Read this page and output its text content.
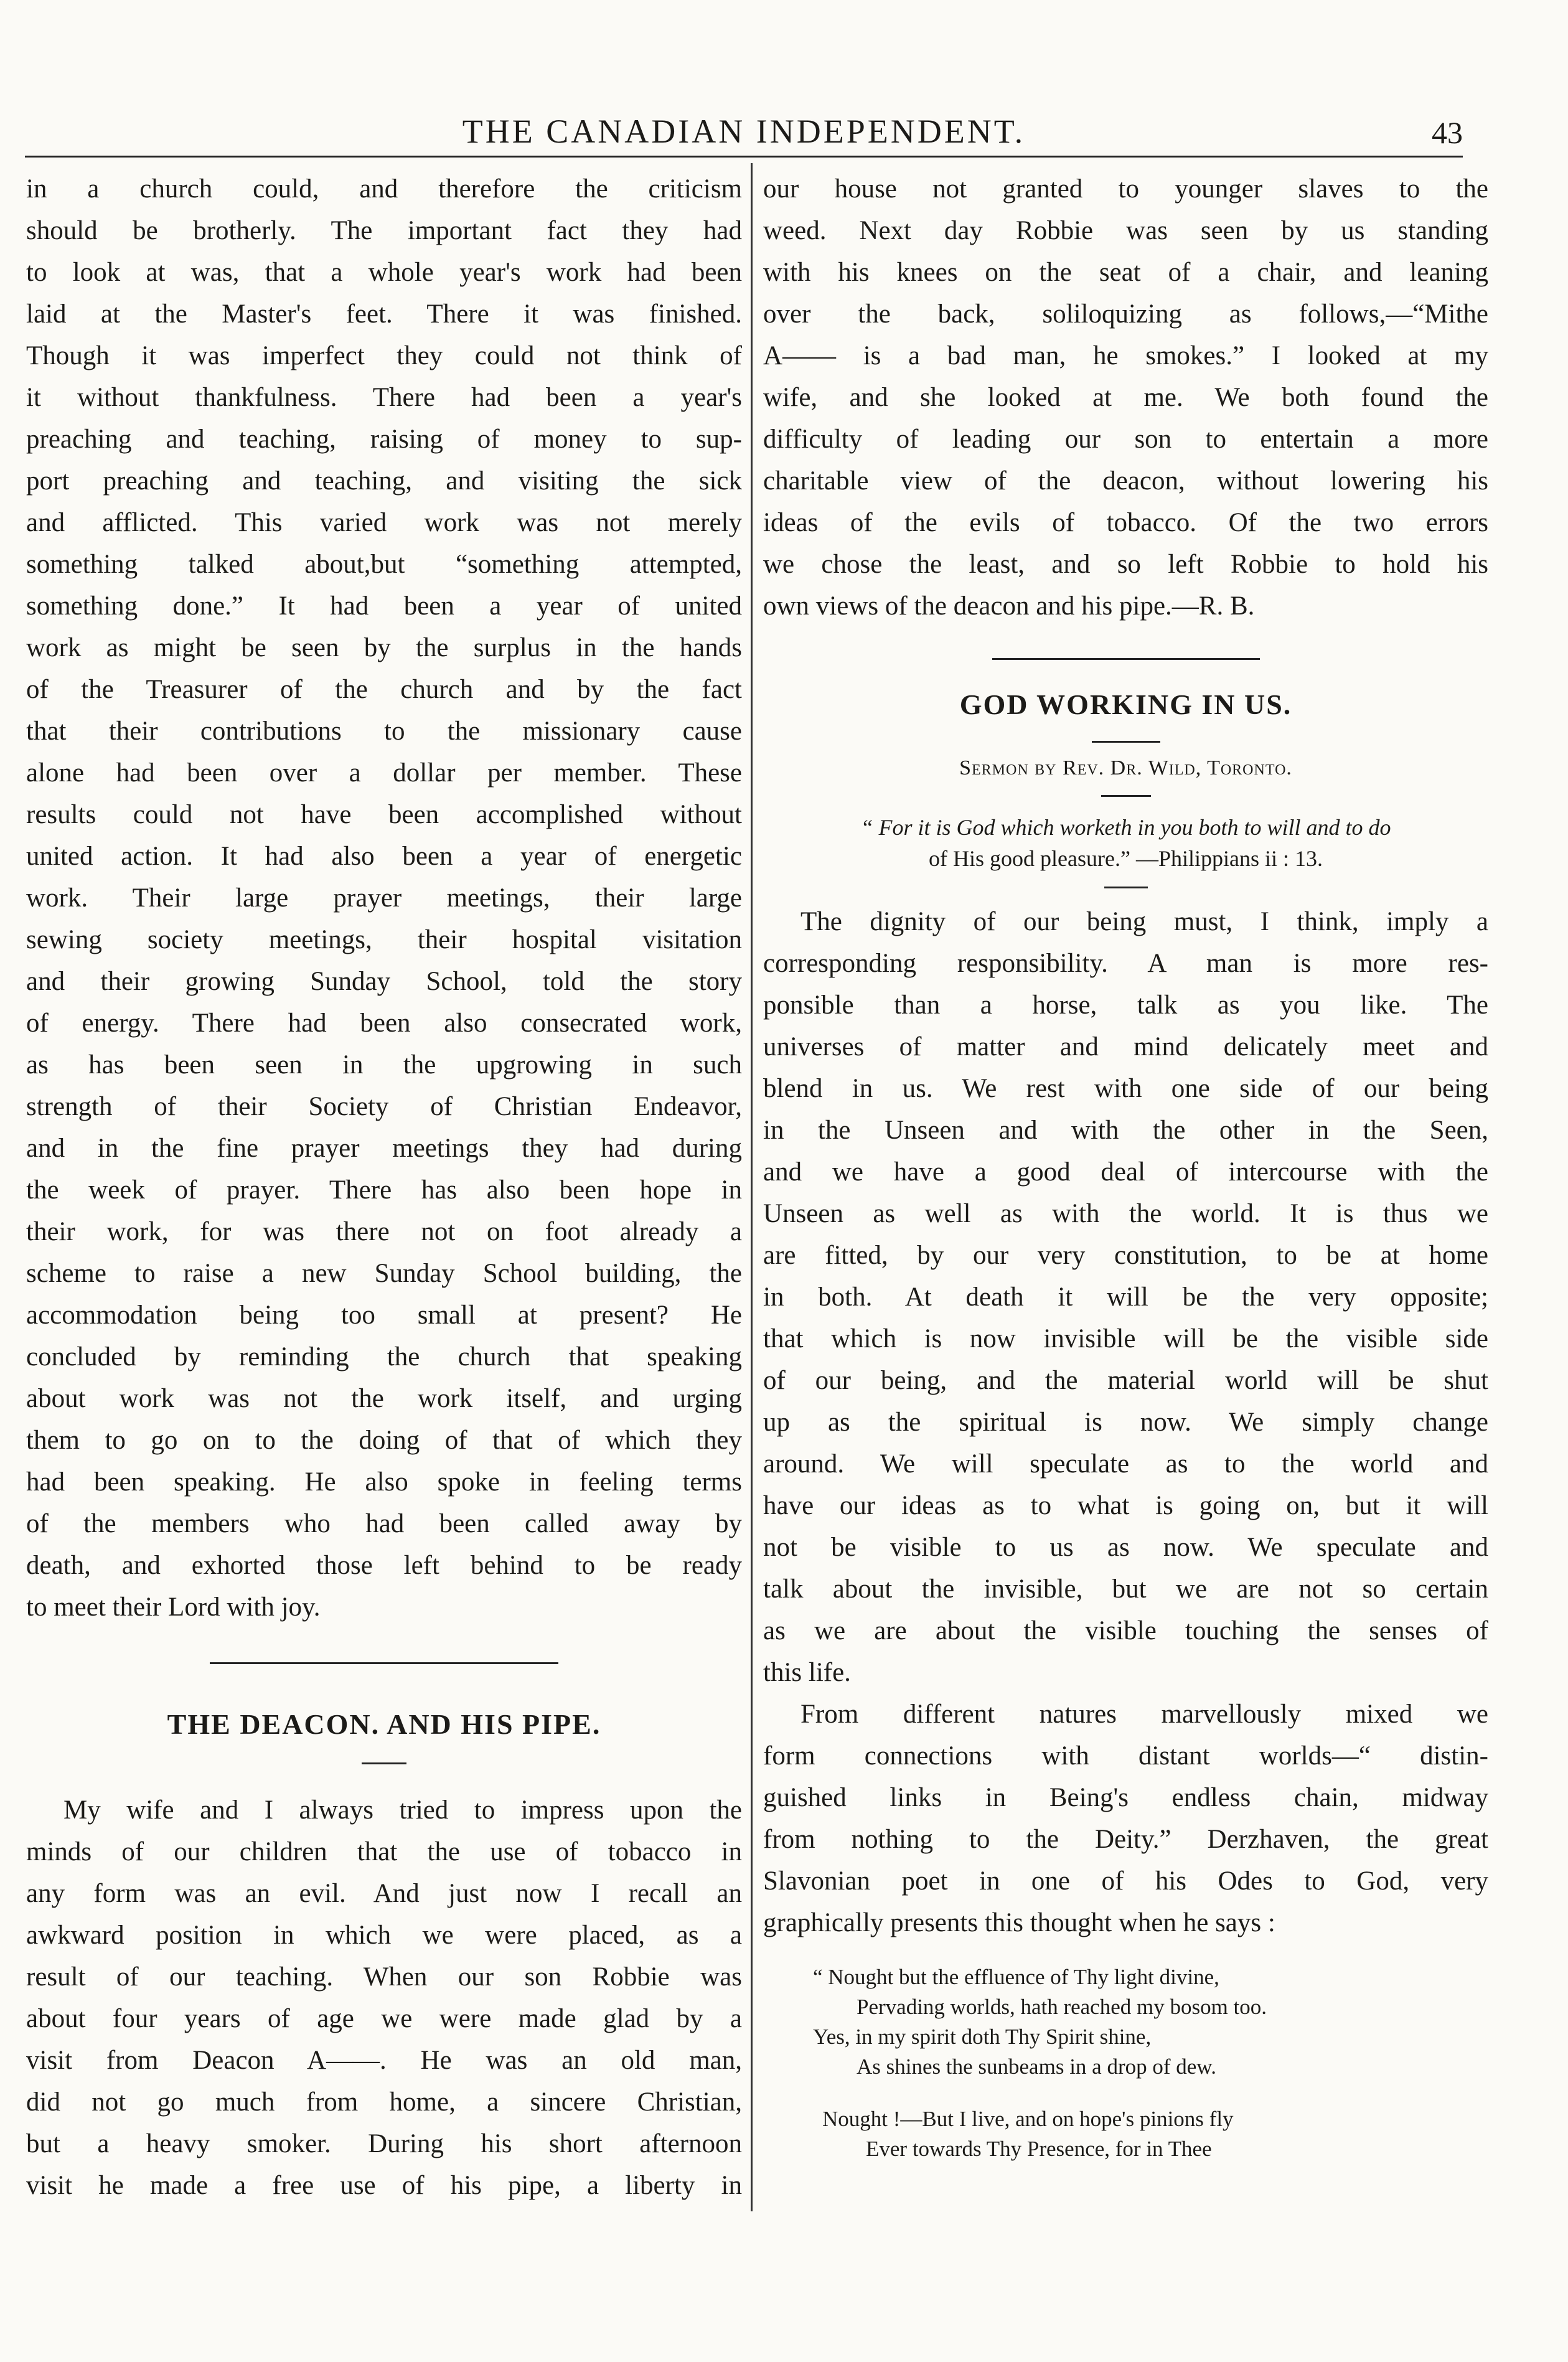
THE CANADIAN INDEPENDENT.	43

in a church could, and therefore the criticism

should be brotherly. The important fact they had

to look at was, that a whole year's work had been

laid at the Master's feet. There it was finished.

Though it was imperfect they could not think of

it without thankfulness. There had been a year's

preaching and teaching, raising of money to sup-

port preaching and teaching, and visiting the sick

and afflicted. This varied work was not merely

something talked about,but “something attempted,

something done.” It had been a year of united

work as might be seen by the surplus in the hands

of the Treasurer of the church and by the fact

that their contributions to the missionary cause

alone had been over a dollar per member. These

results could not have been accomplished without

united action. It had also been a year of energetic

work. Their large prayer meetings, their large

sewing society meetings, their hospital visitation

and their growing Sunday School, told the story

of energy. There had been also consecrated work,

as has been seen in the upgrowing in such

strength of their Society of Christian Endeavor,

and in the fine prayer meetings they had during

the week of prayer. There has also been hope in

their work, for was there not on foot already a

scheme to raise a new Sunday School building, the

accommodation being too small at present? He

concluded by reminding the church that speaking

about work was not the work itself, and urging

them to go on to the doing of that of which they

had been speaking. He also spoke in feeling terms

of the members who had been called away by

death, and exhorted those left behind to be ready

to meet their Lord with joy.

THE DEACON. AND HIS PIPE.

My wife and I always tried to impress upon the

minds of our children that the use of tobacco in

any form was an evil. And just now I recall an

awkward position in which we were placed, as a

result of our teaching. When our son Robbie was

about four years of age we were made glad by a

visit from Deacon A——. He was an old man,

did not go much from home, a sincere Christian,

but a heavy smoker. During his short afternoon

visit he made a free use of his pipe, a liberty in

our house not granted to younger slaves to the

weed. Next day Robbie was seen by us standing

with his knees on the seat of a chair, and leaning

over the back, soliloquizing as follows,—“Mithe

A—— is a bad man, he smokes.” I looked at my

wife, and she looked at me. We both found the

difficulty of leading our son to entertain a more

charitable view of the deacon, without lowering his

ideas of the evils of tobacco. Of the two errors

we chose the least, and so left Robbie to hold his

own views of the deacon and his pipe.—R. B.

GOD WORKING IN US.

Sermon by Rev. Dr. Wild, Toronto.

“ For it is God which worketh in you both to will and to do

of His good pleasure.” —Philippians ii : 13.

The dignity of our being must, I think, imply a

corresponding responsibility. A man is more res-

ponsible than a horse, talk as you like. The

universes of matter and mind delicately meet and

blend in us. We rest with one side of our being

in the Unseen and with the other in the Seen,

and we have a good deal of intercourse with the

Unseen as well as with the world. It is thus we

are fitted, by our very constitution, to be at home

in both. At death it will be the very opposite;

that which is now invisible will be the visible side

of our being, and the material world will be shut

up as the spiritual is now. We simply change

around. We will speculate as to the world and

have our ideas as to what is going on, but it will

not be visible to us as now. We speculate and

talk about the invisible, but we are not so certain

as we are about the visible touching the senses of

this life.

From different natures marvellously mixed we

form connections with distant worlds—“ distin-

guished links in Being's endless chain, midway

from nothing to the Deity.” Derzhaven, the great

Slavonian poet in one of his Odes to God, very

graphically presents this thought when he says :

“ Nought but the effluence of Thy light divine,

Pervading worlds, hath reached my bosom too.

Yes, in my spirit doth Thy Spirit shine,

As shines the sunbeams in a drop of dew.

Nought !—But I live, and on hope's pinions fly

Ever towards Thy Presence, for in Thee
